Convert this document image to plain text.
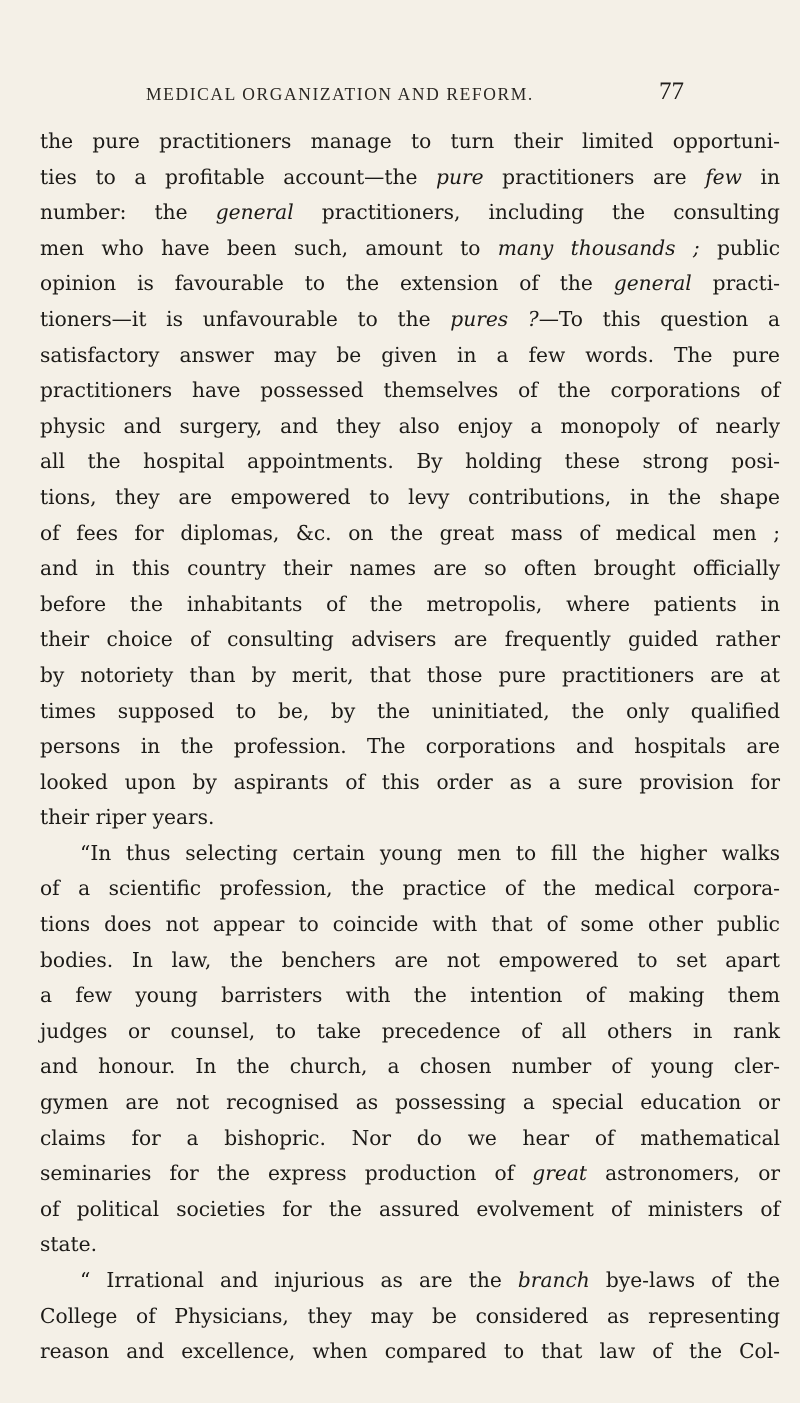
MEDICAL ORGANIZATION AND REFORM.	77
the pure practitioners manage to turn their limited opportuni-
ties to a profitable account—the pure practitioners are few in
number: the general practitioners, including the consulting
men who have been such, amount to many thousands ; public
opinion is favourable to the extension of the general practi-
tioners—it is unfavourable to the pures ?—To this question a
satisfactory answer may be given in a few words. The pure
practitioners have possessed themselves of the corporations of
physic and surgery, and they also enjoy a monopoly of nearly
all the hospital appointments. By holding these strong posi-
tions, they are empowered to levy contributions, in the shape
of fees for diplomas, &c. on the great mass of medical men ;
and in this country their names are so often brought officially
before the inhabitants of the metropolis, where patients in
their choice of consulting advisers are frequently guided rather
by notoriety than by merit, that those pure practitioners are at
times supposed to be, by the uninitiated, the only qualified
persons in the profession. The corporations and hospitals are
looked upon by aspirants of this order as a sure provision for
their riper years.
“In thus selecting certain young men to fill the higher walks
of a scientific profession, the practice of the medical corpora-
tions does not appear to coincide with that of some other public
bodies. In law, the benchers are not empowered to set apart
a few young barristers with the intention of making them
judges or counsel, to take precedence of all others in rank
and honour. In the church, a chosen number of young cler-
gymen are not recognised as possessing a special education or
claims for a bishopric. Nor do we hear of mathematical
seminaries for the express production of great astronomers, or
of political societies for the assured evolvement of ministers of
state.
“ Irrational and injurious as are the branch bye-laws of the
College of Physicians, they may be considered as representing
reason and excellence, when compared to that law of the Col-
